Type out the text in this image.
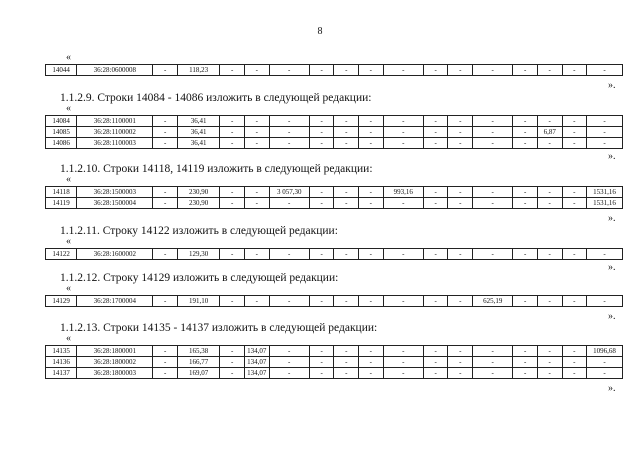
8
«
14044	36:28:0600008	-	118,23	-	-	-	-	-	-	-	-	-	-	-	-	-	-
».
1.1.2.9. Строки 14084 - 14086 изложить в следующей редакции:
«
14084	36:28:1100001	-	36,41	-	-	-	-	-	-	-	-	-	-	-	-	-	-
14085	36:28:1100002	-	36,41	-	-	-	-	-	-	-	-	-	-	-	6,87	-	-
14086	36:28:1100003	-	36,41	-	-	-	-	-	-	-	-	-	-	-	-	-	-
».
1.1.2.10. Строки 14118, 14119 изложить в следующей редакции:
«
14118	36:28:1500003	-	230,90	-	-	3 057,30	-	-	-	993,16	-	-	-	-	-	-	1531,16
14119	36:28:1500004	-	230,90	-	-	-	-	-	-	-	-	-	-	-	-	-	1531,16
».
1.1.2.11. Строку 14122 изложить в следующей редакции:
«
14122	36:28:1600002	-	129,30	-	-	-	-	-	-	-	-	-	-	-	-	-	-
».
1.1.2.12. Строку 14129 изложить в следующей редакции:
«
14129	36:28:1700004	-	191,10	-	-	-	-	-	-	-	-	-	625,19	-	-	-	-
».
1.1.2.13. Строки 14135 - 14137 изложить в следующей редакции:
«
14135	36:28:1800001	-	165,38	-	134,07	-	-	-	-	-	-	-	-	-	-	-	1096,68
14136	36:28:1800002	-	166,77	-	134,07	-	-	-	-	-	-	-	-	-	-	-	-
14137	36:28:1800003	-	169,07	-	134,07	-	-	-	-	-	-	-	-	-	-	-	-
».
